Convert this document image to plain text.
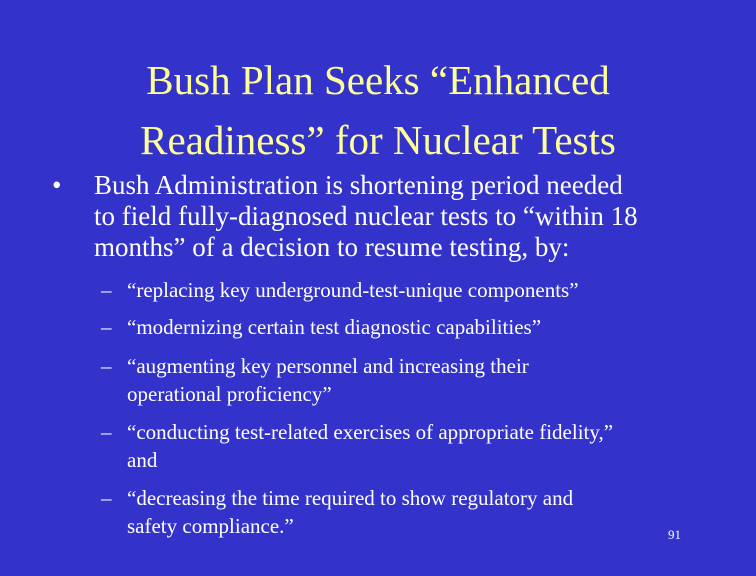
Bush Plan Seeks “Enhanced
Readiness” for Nuclear Tests
•	Bush Administration is shortening period needed
to field fully-diagnosed nuclear tests to “within 18
months” of a decision to resume testing, by:
– “replacing key underground-test-unique components”
– “modernizing certain test diagnostic capabilities”
– “augmenting key personnel and increasing their
operational proficiency”
– “conducting test-related exercises of appropriate fidelity,”
and
– “decreasing the time required to show regulatory and
safety compliance.”	91
